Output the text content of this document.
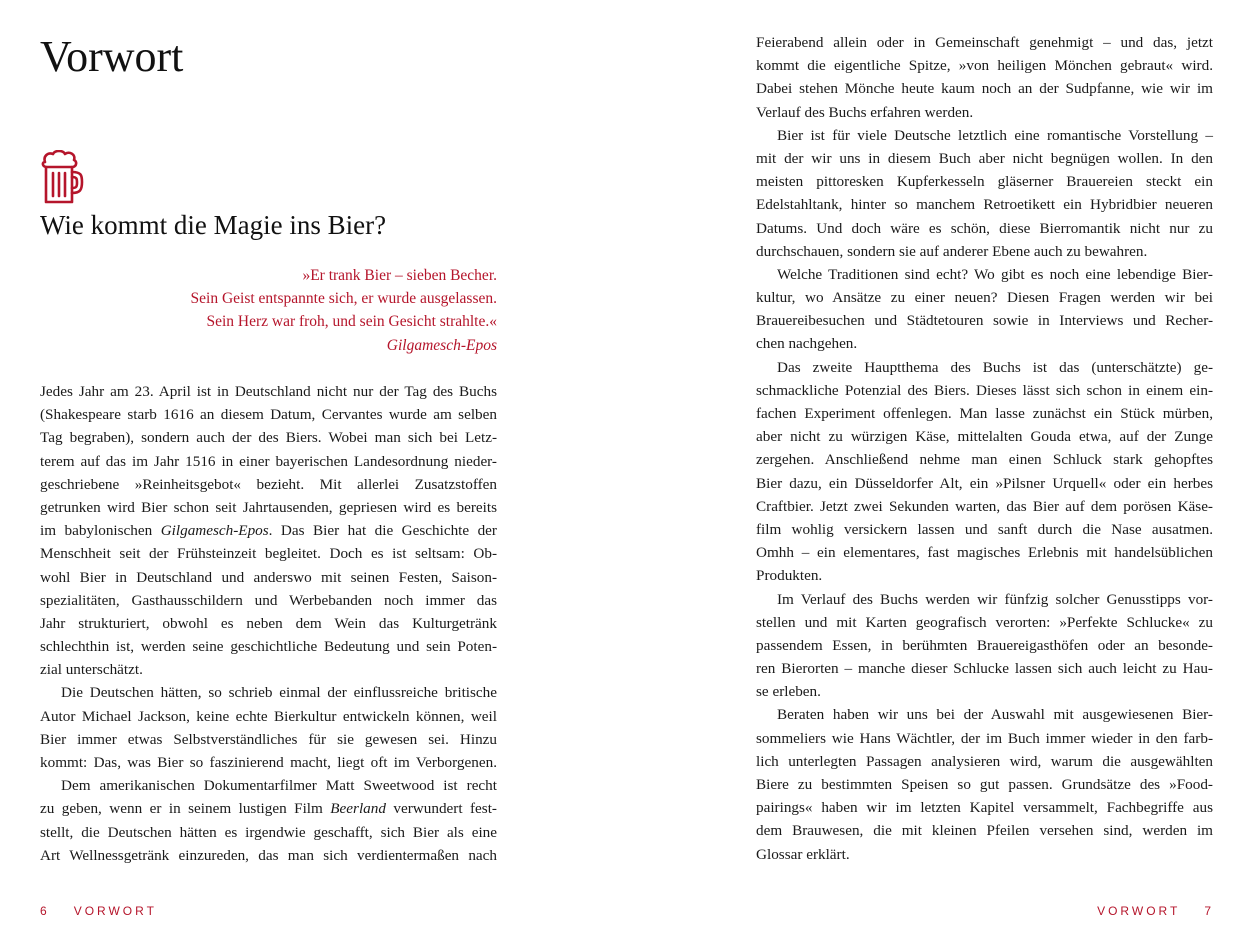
Vorwort
Wie kommt die Magie ins Bier?
»Er trank Bier – sieben Becher.
Sein Geist entspannte sich, er wurde ausgelassen.
Sein Herz war froh, und sein Gesicht strahlte.«
Gilgamesch-Epos
Jedes Jahr am 23. April ist in Deutschland nicht nur der Tag des Buchs
(Shakespeare starb 1616 an diesem Datum, Cervantes wurde am selben
Tag begraben), sondern auch der des Biers. Wobei man sich bei Letz-
terem auf das im Jahr 1516 in einer bayerischen Landesordnung nieder-
geschriebene »Reinheitsgebot« bezieht. Mit allerlei Zusatzstoffen
getrunken wird Bier schon seit Jahrtausenden, gepriesen wird es bereits
im babylonischen Gilgamesch-Epos. Das Bier hat die Geschichte der
Menschheit seit der Frühsteinzeit begleitet. Doch es ist seltsam: Ob-
wohl Bier in Deutschland und anderswo mit seinen Festen, Saison-
spezialitäten, Gasthausschildern und Werbebanden noch immer das
Jahr strukturiert, obwohl es neben dem Wein das Kulturgetränk
schlechthin ist, werden seine geschichtliche Bedeutung und sein Poten-
zial unterschätzt.
Die Deutschen hätten, so schrieb einmal der einflussreiche britische
Autor Michael Jackson, keine echte Bierkultur entwickeln können, weil
Bier immer etwas Selbstverständliches für sie gewesen sei. Hinzu
kommt: Das, was Bier so faszinierend macht, liegt oft im Verborgenen.
Dem amerikanischen Dokumentarfilmer Matt Sweetwood ist recht
zu geben, wenn er in seinem lustigen Film Beerland verwundert fest-
stellt, die Deutschen hätten es irgendwie geschafft, sich Bier als eine
Art Wellnessgetränk einzureden, das man sich verdientermaßen nach
6 VORWORT
Feierabend allein oder in Gemeinschaft genehmigt – und das, jetzt
kommt die eigentliche Spitze, »von heiligen Mönchen gebraut« wird.
Dabei stehen Mönche heute kaum noch an der Sudpfanne, wie wir im
Verlauf des Buchs erfahren werden.
Bier ist für viele Deutsche letztlich eine romantische Vorstellung –
mit der wir uns in diesem Buch aber nicht begnügen wollen. In den
meisten pittoresken Kupferkesseln gläserner Brauereien steckt ein
Edelstahltank, hinter so manchem Retroetikett ein Hybridbier neueren
Datums. Und doch wäre es schön, diese Bierromantik nicht nur zu
durchschauen, sondern sie auf anderer Ebene auch zu bewahren.
Welche Traditionen sind echt? Wo gibt es noch eine lebendige Bier-
kultur, wo Ansätze zu einer neuen? Diesen Fragen werden wir bei
Brauereibesuchen und Städtetouren sowie in Interviews und Recher-
chen nachgehen.
Das zweite Hauptthema des Buchs ist das (unterschätzte) ge-
schmackliche Potenzial des Biers. Dieses lässt sich schon in einem ein-
fachen Experiment offenlegen. Man lasse zunächst ein Stück mürben,
aber nicht zu würzigen Käse, mittelalten Gouda etwa, auf der Zunge
zergehen. Anschließend nehme man einen Schluck stark gehopftes
Bier dazu, ein Düsseldorfer Alt, ein »Pilsner Urquell« oder ein herbes
Craftbier. Jetzt zwei Sekunden warten, das Bier auf dem porösen Käse-
film wohlig versickern lassen und sanft durch die Nase ausatmen.
Omhh – ein elementares, fast magisches Erlebnis mit handelsüblichen
Produkten.
Im Verlauf des Buchs werden wir fünfzig solcher Genusstipps vor-
stellen und mit Karten geografisch verorten: »Perfekte Schlucke« zu
passendem Essen, in berühmten Brauereigasthöfen oder an besonde-
ren Bierorten – manche dieser Schlucke lassen sich auch leicht zu Hau-
se erleben.
Beraten haben wir uns bei der Auswahl mit ausgewiesenen Bier-
sommeliers wie Hans Wächtler, der im Buch immer wieder in den farb-
lich unterlegten Passagen analysieren wird, warum die ausgewählten
Biere zu bestimmten Speisen so gut passen. Grundsätze des »Food-
pairings« haben wir im letzten Kapitel versammelt, Fachbegriffe aus
dem Brauwesen, die mit kleinen Pfeilen versehen sind, werden im
Glossar erklärt.
VORWORT 7
